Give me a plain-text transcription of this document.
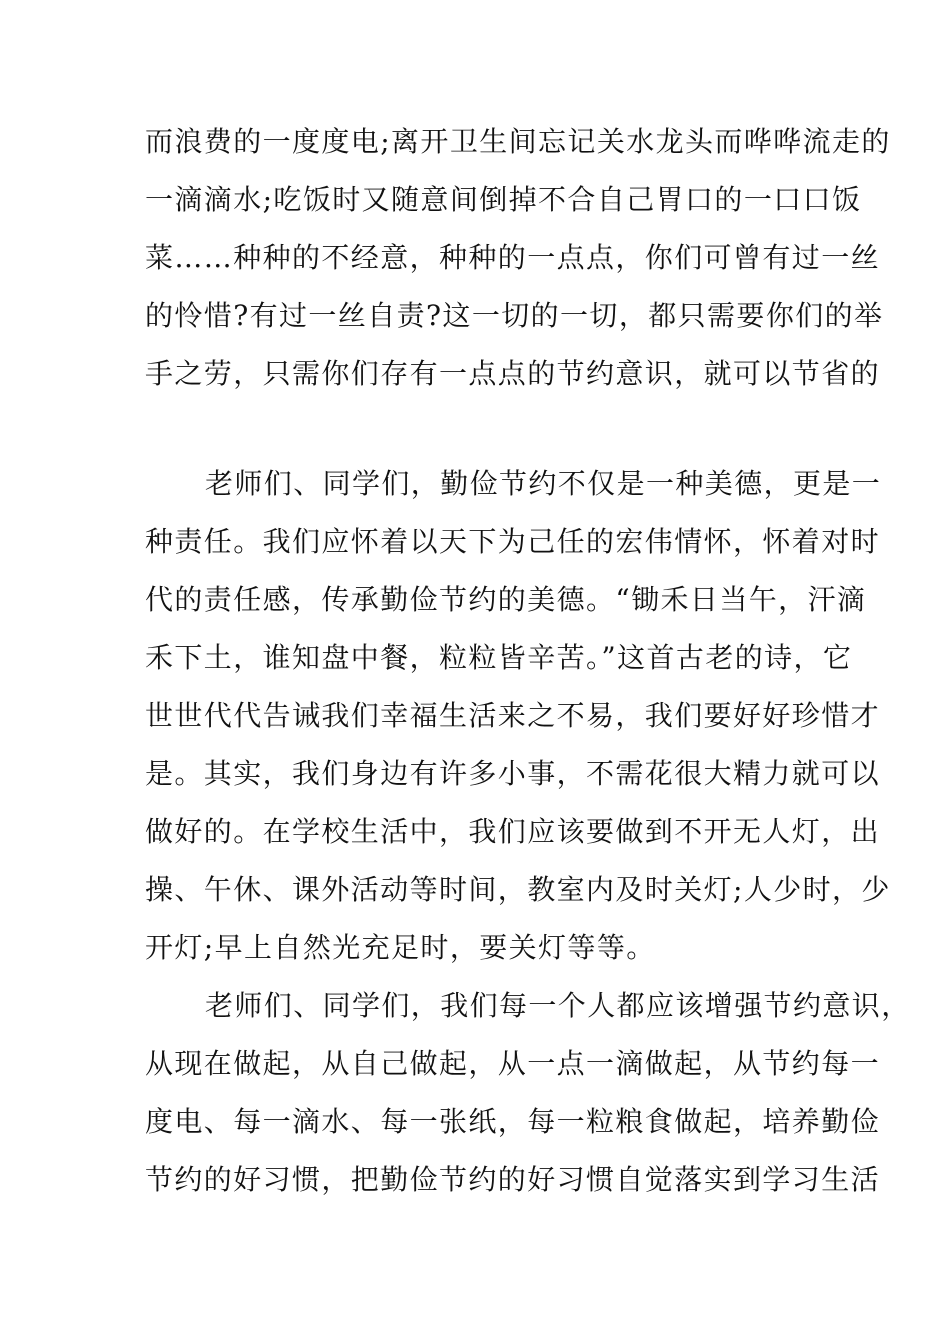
而浪费的一度度电;离开卫生间忘记关水龙头而哗哗流走的
一滴滴水;吃饭时又随意间倒掉不合自己胃口的一口口饭
菜……种种的不经意，种种的一点点，你们可曾有过一丝
的怜惜?有过一丝自责?这一切的一切，都只需要你们的举
手之劳，只需你们存有一点点的节约意识，就可以节省的
老师们、同学们，勤俭节约不仅是一种美德，更是一
种责任。我们应怀着以天下为己任的宏伟情怀，怀着对时
代的责任感，传承勤俭节约的美德。“锄禾日当午，汗滴
禾下土，谁知盘中餐，粒粒皆辛苦。”这首古老的诗，它
世世代代告诫我们幸福生活来之不易，我们要好好珍惜才
是。其实，我们身边有许多小事，不需花很大精力就可以
做好的。在学校生活中，我们应该要做到不开无人灯，出
操、午休、课外活动等时间，教室内及时关灯;人少时，少
开灯;早上自然光充足时，要关灯等等。
老师们、同学们，我们每一个人都应该增强节约意识，
从现在做起，从自己做起，从一点一滴做起，从节约每一
度电、每一滴水、每一张纸，每一粒粮食做起，培养勤俭
节约的好习惯，把勤俭节约的好习惯自觉落实到学习生活
